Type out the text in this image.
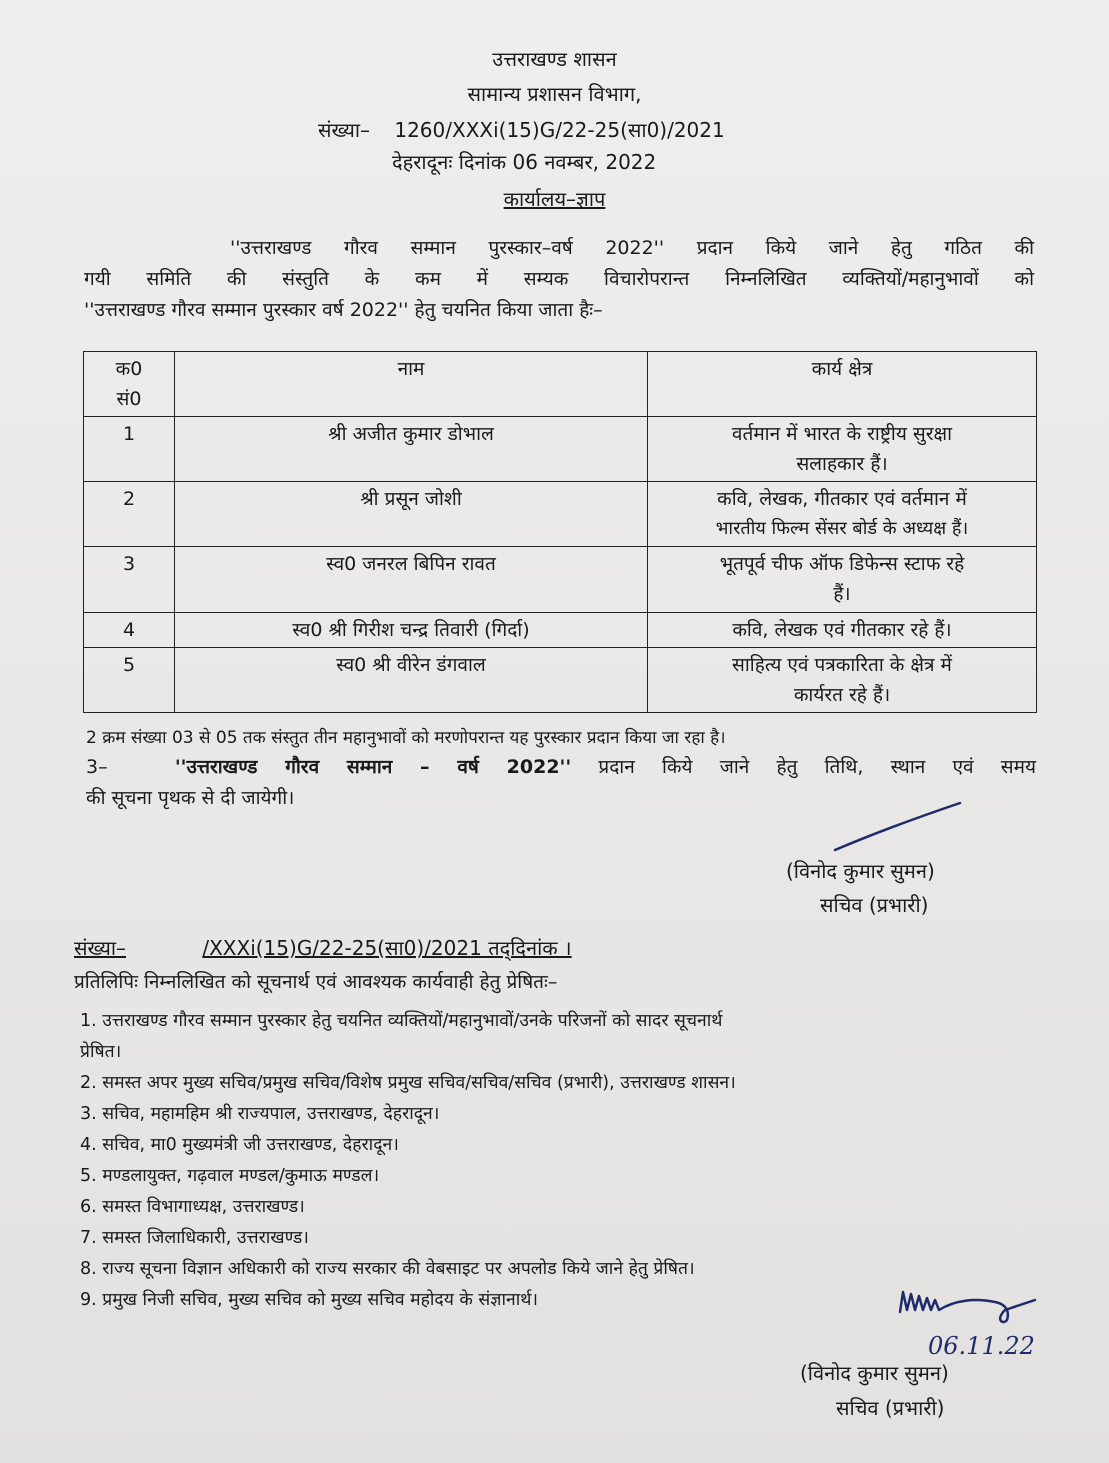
उत्तराखण्ड शासन
सामान्य प्रशासन विभाग,
संख्या– 1260/XXXi(15)G/22-25(सा0)/2021
देहरादूनः दिनांक 06 नवम्बर, 2022
कार्यालय–ज्ञाप
''उत्तराखण्ड गौरव सम्मान पुरस्कार–वर्ष 2022'' प्रदान किये जाने हेतु गठित की
गयी समिति की संस्तुति के कम में सम्यक विचारोपरान्त निम्नलिखित व्यक्तियों/महानुभावों को
''उत्तराखण्ड गौरव सम्मान पुरस्कार वर्ष 2022'' हेतु चयनित किया जाता हैः–
क0
सं0	नाम	कार्य क्षेत्र
1	श्री अजीत कुमार डोभाल	वर्तमान में भारत के राष्ट्रीय सुरक्षा
सलाहकार हैं।

2	श्री प्रसून जोशी	कवि, लेखक, गीतकार एवं वर्तमान में
भारतीय फिल्म सेंसर बोर्ड के अध्यक्ष हैं।

3	स्व0 जनरल बिपिन रावत	भूतपूर्व चीफ ऑफ डिफेन्स स्टाफ रहे
हैं।

4	स्व0 श्री गिरीश चन्द्र तिवारी (गिर्दा)	कवि, लेखक एवं गीतकार रहे हैं।
5	स्व0 श्री वीरेन डंगवाल	साहित्य एवं पत्रकारिता के क्षेत्र में
कार्यरत रहे हैं।
2 क्रम संख्या 03 से 05 तक संस्तुत तीन महानुभावों को मरणोपरान्त यह पुरस्कार प्रदान किया जा रहा है।
3–	''उत्तराखण्ड गौरव सम्मान – वर्ष 2022'' प्रदान किये जाने हेतु तिथि, स्थान एवं समय
की सूचना पृथक से दी जायेगी।
(विनोद कुमार सुमन)
सचिव (प्रभारी)
संख्या–	/XXXi(15)G/22-25(सा0)/2021 तद्‌दिनांक ।
प्रतिलिपिः निम्नलिखित को सूचनार्थ एवं आवश्यक कार्यवाही हेतु प्रेषितः–
1. उत्तराखण्ड गौरव सम्मान पुरस्कार हेतु चयनित व्यक्तियों/महानुभावों/उनके परिजनों को सादर सूचनार्थ
प्रेषित।
2. समस्त अपर मुख्य सचिव/प्रमुख सचिव/विशेष प्रमुख सचिव/सचिव/सचिव (प्रभारी), उत्तराखण्ड शासन।
3. सचिव, महामहिम श्री राज्यपाल, उत्तराखण्ड, देहरादून।
4. सचिव, मा0 मुख्यमंत्री जी उत्तराखण्ड, देहरादून।
5. मण्डलायुक्त, गढ़वाल मण्डल/कुमाऊ मण्डल।
6. समस्त विभागाध्यक्ष, उत्तराखण्ड।
7. समस्त जिलाधिकारी, उत्तराखण्ड।
8. राज्य सूचना विज्ञान अधिकारी को राज्य सरकार की वेबसाइट पर अपलोड किये जाने हेतु प्रेषित।
9. प्रमुख निजी सचिव, मुख्य सचिव को मुख्य सचिव महोदय के संज्ञानार्थ।
06.11.22
(विनोद कुमार सुमन)
सचिव (प्रभारी)
